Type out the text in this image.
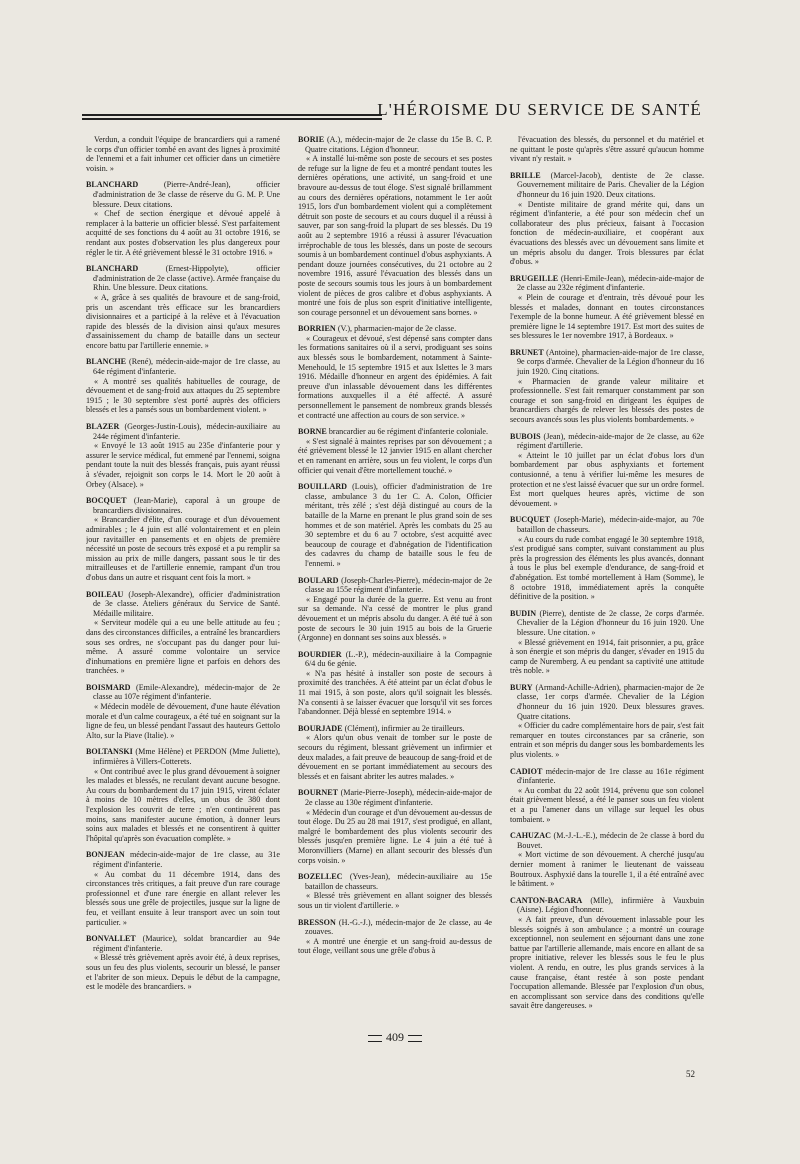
L'HÉROISME DU SERVICE DE SANTÉ

Verdun, a conduit l'équipe de brancardiers qui a ramené le corps d'un officier tombé en avant des lignes à proximité de l'ennemi et a fait inhumer cet officier dans un cimetière voisin. »

BLANCHARD	(Pierre-André-Jean), officier d'administration de 3e classe de réserve du G. M. P. Une blessure. Deux citations.

« Chef de section énergique et dévoué appelé à remplacer à la batterie un officier blessé. S'est parfaitement acquitté de ses fonctions du 4 août au 31 octobre 1916, se rendant aux postes d'observation les plus dangereux pour régler le tir. A été grièvement blessé le 31 octobre 1916. »

BLANCHARD	(Ernest-Hippolyte), officier d'administration de 2e classe (active). Armée française du Rhin. Une blessure. Deux citations.

« A, grâce à ses qualités de bravoure et de sang-froid, pris un ascendant très efficace sur les brancardiers divisionnaires et a participé à la relève et à l'évacuation rapide des blessés de la division ainsi qu'aux mesures d'assainissement du champ de bataille dans un secteur encore battu par l'artillerie ennemie. »

BLANCHE (René), médecin-aide-major de 1re classe, au 64e régiment d'infanterie.

« A montré ses qualités habituelles de courage, de dévouement et de sang-froid aux attaques du 25 septembre 1915 ; le 30 septembre s'est porté auprès des officiers blessés et les a pansés sous un bombardement violent. »

BLAZER (Georges-Justin-Louis), médecin-auxiliaire au 244e régiment d'infanterie.

« Envoyé le 13 août 1915 au 235e d'infanterie pour y assurer le service médical, fut emmené par l'ennemi, soigna pendant toute la nuit des blessés français, puis ayant réussi à s'évader, rejoignit son corps le 14. Mort le 20 août à Orbey (Alsace). »

BOCQUET (Jean-Marie), caporal à un groupe de brancardiers divisionnaires.

« Brancardier d'élite, d'un courage et d'un dévouement admirables ; le 4 juin est allé volontairement et en plein jour ravitailler en pansements et en objets de première nécessité un poste de secours très exposé et a pu remplir sa mission au prix de mille dangers, passant sous le tir des mitrailleuses et de l'artillerie ennemie, rampant d'un trou d'obus dans un autre et risquant cent fois la mort. »

BOILEAU (Joseph-Alexandre), officier d'administration de 3e classe. Ateliers généraux du Service de Santé. Médaille militaire.

« Serviteur modèle qui a eu une belle attitude au feu ; dans des circonstances difficiles, a entraîné les brancardiers sous ses ordres, ne s'occupant pas du danger pour lui-même. A assuré comme volontaire un service d'inhumations en première ligne et parfois en dehors des tranchées. »

BOISMARD (Emile-Alexandre), médecin-major de 2e classe au 107e régiment d'infanterie.

« Médecin modèle de dévouement, d'une haute élévation morale et d'un calme courageux, a été tué en soignant sur la ligne de feu, un blessé pendant l'assaut des hauteurs Gettolo Alto, sur la Piave (Italie). »

BOLTANSKI (Mme Hélène) et PERDON (Mme Juliette), infirmières à Villers-Cotterets.

« Ont contribué avec le plus grand dévouement à soigner les malades et blessés, ne reculant devant aucune besogne. Au cours du bombardement du 17 juin 1915, virent éclater à moins de 10 mètres d'elles, un obus de 380 dont l'explosion les couvrit de terre ; n'en continuèrent pas moins, sans manifester aucune émotion, à donner leurs soins aux malades et blessés et ne consentirent à quitter l'hôpital qu'après son évacuation complète. »

BONJEAN médecin-aide-major de 1re classe, au 31e régiment d'infanterie.

« Au combat du 11 décembre 1914, dans des circonstances très critiques, a fait preuve d'un rare courage professionnel et d'une rare énergie en allant relever les blessés sous une grêle de projectiles, jusque sur la ligne de feu, et veillant ensuite à leur transport avec un soin tout particulier. »

BONVALLET (Maurice), soldat brancardier au 94e régiment d'infanterie.

« Blessé très grièvement après avoir été, à deux reprises, sous un feu des plus violents, secourir un blessé, le panser et l'abriter de son mieux. Depuis le début de la campagne, est le modèle des brancardiers. »

BORIE (A.), médecin-major de 2e classe du 15e B. C. P. Quatre citations. Légion d'honneur.

« A installé lui-même son poste de secours et ses postes de refuge sur la ligne de feu et a montré pendant toutes les dernières opérations, une activité, un sang-froid et une bravoure au-dessus de tout éloge. S'est signalé brillamment au cours des dernières opérations, notamment le 1er août 1915, lors d'un bombardement violent qui a complètement détruit son poste de secours et au cours duquel il a réussi à sauver, par son sang-froid la plupart de ses blessés. Du 19 août au 2 septembre 1916 a réussi à assurer l'évacuation irréprochable de tous les blessés, dans un poste de secours soumis à un bombardement continuel d'obus asphyxiants. A pendant douze journées consécutives, du 21 octobre au 2 novembre 1916, assuré l'évacuation des blessés dans un poste de secours soumis tous les jours à un bombardement violent de pièces de gros calibre et d'obus asphyxiants. A montré une fois de plus son esprit d'initiative intelligente, son courage personnel et un dévouement sans bornes. »

BORRIEN (V.), pharmacien-major de 2e classe.

« Courageux et dévoué, s'est dépensé sans compter dans les formations sanitaires où il a servi, prodiguant ses soins aux blessés sous le bombardement, notamment à Sainte-Menehould, le 15 septembre 1915 et aux Islettes le 3 mars 1916. Médaille d'honneur en argent des épidémies. A fait preuve d'un inlassable dévouement dans les différentes formations auxquelles il a été affecté. A assuré personnellement le pansement de nombreux grands blessés et contracté une affection au cours de son service. »

BORNE brancardier au 6e régiment d'infanterie coloniale.

« S'est signalé à maintes reprises par son dévouement ; a été grièvement blessé le 12 janvier 1915 en allant chercher et en ramenant en arrière, sous un feu violent, le corps d'un officier qui venait d'être mortellement touché. »

BOUILLARD (Louis), officier d'administration de 1re classe, ambulance 3 du 1er C. A. Colon, Officier méritant, très zélé ; s'est déjà distingué au cours de la bataille de la Marne en prenant le plus grand soin de ses hommes et de son matériel. Après les combats du 25 au 30 septembre et du 6 au 7 octobre, s'est acquitté avec beaucoup de courage et d'abnégation de l'identification des cadavres du champ de bataille sous le feu de l'ennemi. »

BOULARD (Joseph-Charles-Pierre), médecin-major de 2e classe au 155e régiment d'infanterie.

« Engagé pour la durée de la guerre. Est venu au front sur sa demande. N'a cessé de montrer le plus grand dévouement et un mépris absolu du danger. A été tué à son poste de secours le 30 juin 1915 au bois de la Gruerie (Argonne) en donnant ses soins aux blessés. »

BOURDIER (L.-P.), médecin-auxiliaire à la Compagnie 6/4 du 6e génie.

« N'a pas hésité à installer son poste de secours à proximité des tranchées. A été atteint par un éclat d'obus le 11 mai 1915, à son poste, alors qu'il soignait les blessés. N'a consenti à se laisser évacuer que lorsqu'il vit ses forces l'abandonner. Déjà blessé en septembre 1914. »

BOURJADE (Clément), infirmier au 2e tirailleurs.

« Alors qu'un obus venait de tomber sur le poste de secours du régiment, blessant grièvement un infirmier et deux malades, a fait preuve de beaucoup de sang-froid et de dévouement en se portant immédiatement au secours des blessés et en faisant abriter les autres malades. »

BOURNET (Marie-Pierre-Joseph), médecin-aide-major de 2e classe au 130e régiment d'infanterie.

« Médecin d'un courage et d'un dévouement au-dessus de tout éloge. Du 25 au 28 mai 1917, s'est prodigué, en allant, malgré le bombardement des plus violents secourir des blessés jusqu'en première ligne. Le 4 juin a été tué à Moronvilliers (Marne) en allant secourir des blessés d'un corps voisin. »

BOZELLEC (Yves-Jean), médecin-auxiliaire au 15e bataillon de chasseurs.

« Blessé très grièvement en allant soigner des blessés sous un tir violent d'artillerie. »

BRESSON (H.-G.-J.), médecin-major de 2e classe, au 4e zouaves.

« A montré une énergie et un sang-froid au-dessus de tout éloge, veillant sous une grêle d'obus à

l'évacuation des blessés, du personnel et du matériel et ne quittant le poste qu'après s'être assuré qu'aucun homme vivant n'y restait. »

BRILLE (Marcel-Jacob), dentiste de 2e classe. Gouvernement militaire de Paris. Chevalier de la Légion d'honneur du 16 juin 1920. Deux citations.

« Dentiste militaire de grand mérite qui, dans un régiment d'infanterie, a été pour son médecin chef un collaborateur des plus précieux, faisant à l'occasion fonction de médecin-auxiliaire, et coopérant aux évacuations des blessés avec un dévouement sans limite et un mépris absolu du danger. Trois blessures par éclat d'obus. »

BRUGEILLE (Henri-Emile-Jean), médecin-aide-major de 2e classe au 232e régiment d'infanterie.

« Plein de courage et d'entrain, très dévoué pour les blessés et malades, donnant en toutes circonstances l'exemple de la bonne humeur. A été grièvement blessé en première ligne le 14 septembre 1917. Est mort des suites de ses blessures le 1er novembre 1917, à Bordeaux. »

BRUNET (Antoine), pharmacien-aide-major de 1re classe, 9e corps d'armée. Chevalier de la Légion d'honneur du 16 juin 1920. Cinq citations.

« Pharmacien de grande valeur militaire et professionnelle. S'est fait remarquer constamment par son courage et son sang-froid en dirigeant les équipes de brancardiers chargés de relever les blessés des postes de secours avancés sous les plus violents bombardements. »

BUBOIS (Jean), médecin-aide-major de 2e classe, au 62e régiment d'artillerie.

« Atteint le 10 juillet par un éclat d'obus lors d'un bombardement par obus asphyxiants et fortement contusionné, a tenu à vérifier lui-même les mesures de protection et ne s'est laissé évacuer que sur un ordre formel. Est mort quelques heures après, victime de son dévouement. »

BUCQUET (Joseph-Marie), médecin-aide-major, au 70e bataillon de chasseurs.

« Au cours du rude combat engagé le 30 septembre 1918, s'est prodigué sans compter, suivant constamment au plus près la progression des éléments les plus avancés, donnant à tous le plus bel exemple d'endurance, de sang-froid et d'abnégation. Est tombé mortellement à Ham (Somme), le 8 octobre 1918, immédiatement après la conquête définitive de la position. »

BUDIN (Pierre), dentiste de 2e classe, 2e corps d'armée. Chevalier de la Légion d'honneur du 16 juin 1920. Une blessure. Une citation. »

« Blessé grièvement en 1914, fait prisonnier, a pu, grâce à son énergie et son mépris du danger, s'évader en 1915 du camp de Nuremberg. A eu pendant sa captivité une attitude très noble. »

BURY (Armand-Achille-Adrien), pharmacien-major de 2e classe, 1er corps d'armée. Chevalier de la Légion d'honneur du 16 juin 1920. Deux blessures graves. Quatre citations.

« Officier du cadre complémentaire hors de pair, s'est fait remarquer en toutes circonstances par sa crânerie, son entrain et son mépris du danger sous les bombardements les plus violents. »

CADIOT médecin-major de 1re classe au 161e régiment d'infanterie.

« Au combat du 22 août 1914, prévenu que son colonel était grièvement blessé, a été le panser sous un feu violent et a pu l'amener dans un village sur lequel les obus tombaient. »

CAHUZAC (M.-J.-L.-E.), médecin de 2e classe à bord du Bouvet.

« Mort victime de son dévouement. A cherché jusqu'au dernier moment à ranimer le lieutenant de vaisseau Boutroux. Asphyxié dans la tourelle 1, il a été entraîné avec le bâtiment. »

CANTON-BACARA (Mlle), infirmière à Vauxbuin (Aisne). Légion d'honneur.

« A fait preuve, d'un dévouement inlassable pour les blessés soignés à son ambulance ; a montré un courage exceptionnel, non seulement en séjournant dans une zone battue par l'artillerie allemande, mais encore en allant de sa propre initiative, relever les blessés sous le feu le plus violent. A rendu, en outre, les plus grands services à la cause française, étant restée à son poste pendant l'occupation allemande. Blessée par l'explosion d'un obus, en accomplissant son service dans des conditions qu'elle savait être dangereuses. »

409
52
